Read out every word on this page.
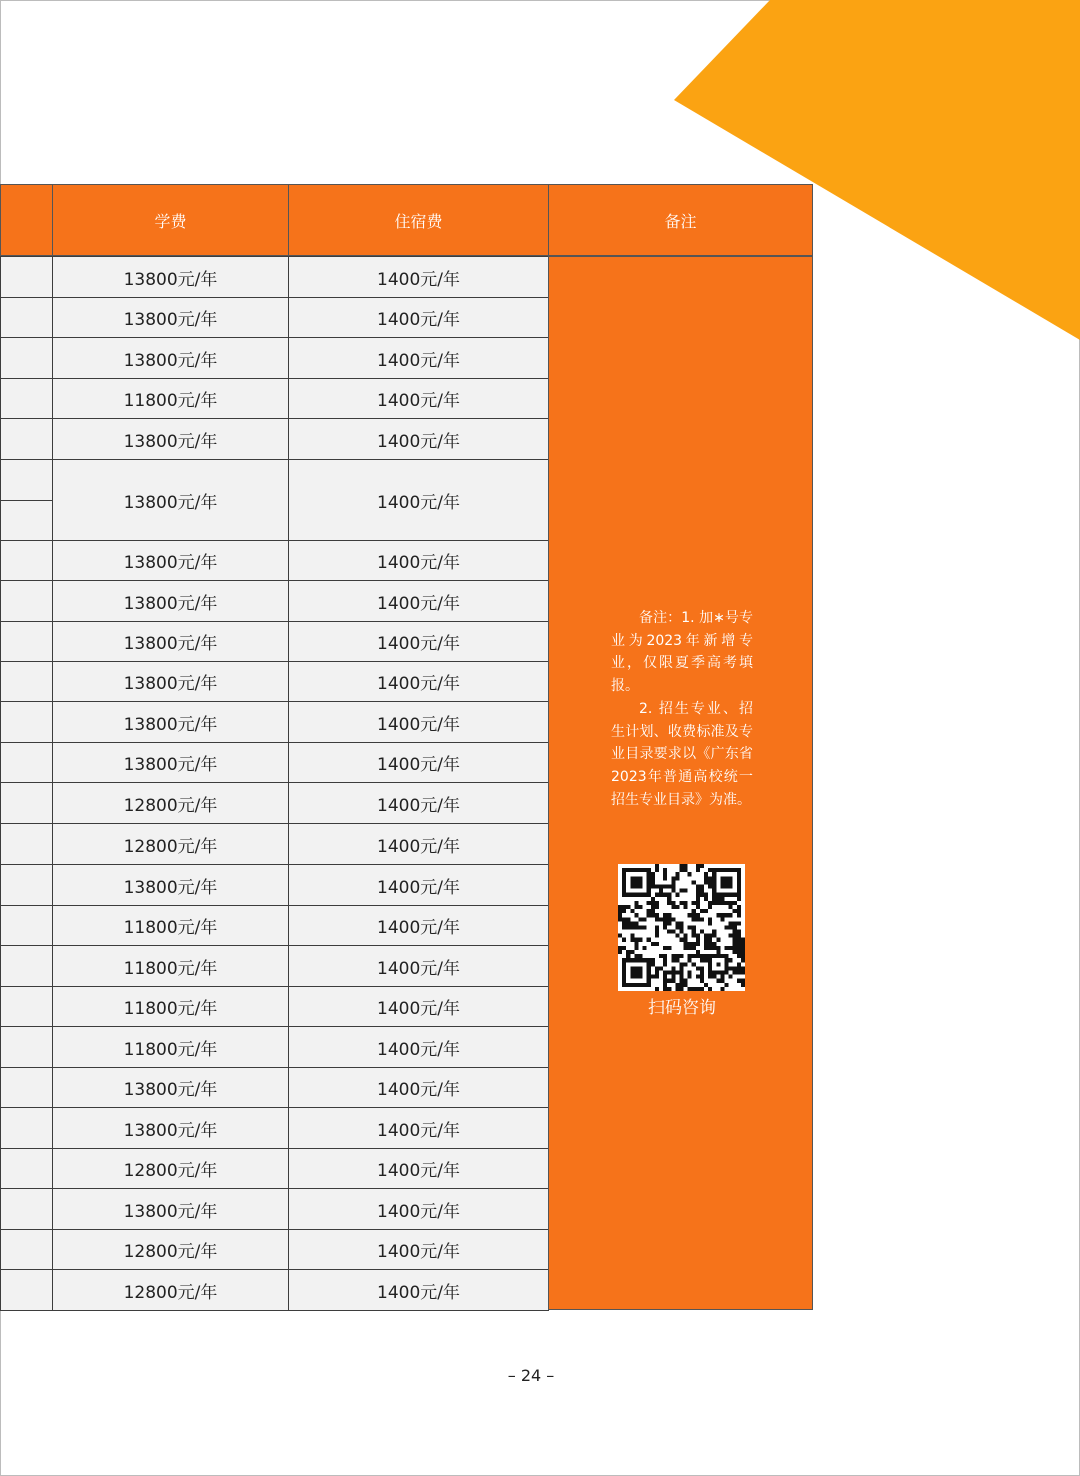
学费	住宿费	备注
13800元/年	1400元/年
13800元/年	1400元/年
13800元/年	1400元/年
11800元/年	1400元/年
13800元/年	1400元/年
13800元/年	1400元/年
13800元/年	1400元/年
13800元/年	1400元/年
13800元/年	1400元/年
13800元/年	1400元/年
13800元/年	1400元/年
13800元/年	1400元/年
12800元/年	1400元/年
12800元/年	1400元/年
13800元/年	1400元/年
11800元/年	1400元/年
11800元/年	1400元/年
11800元/年	1400元/年
11800元/年	1400元/年
13800元/年	1400元/年
13800元/年	1400元/年
12800元/年	1400元/年
13800元/年	1400元/年
12800元/年	1400元/年
12800元/年	1400元/年

备注：1. 加∗号专业为2023年新增专业，仅限夏季高考填报。

2. 招生专业、招生计划、收费标准及专业目录要求以《广东省2023年普通高校统一招生专业目录》为准。

扫码咨询
– 24 –
